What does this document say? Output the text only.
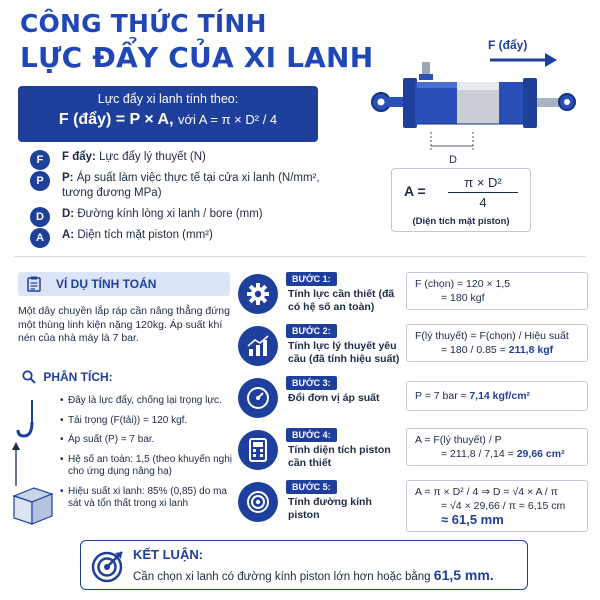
CÔNG THỨC TÍNH
LỰC ĐẨY CỦA XI LANH
Lực đẩy xi lanh tính theo:
F (đẩy) = P × A, với A = π × D² / 4
F	F đẩy: Lực đẩy lý thuyết (N)
P	P: Áp suất làm việc thực tế tại cửa xi lanh (N/mm², tương đương MPa)
D	D: Đường kính lòng xi lanh / bore (mm)
A	A: Diện tích mặt piston (mm²)
F (đẩy)
D
$A = \frac{\text{π × D²}}{4}$
(Diện tích mặt piston)
VÍ DỤ TÍNH TOÁN
Một dây chuyền lắp ráp cần nâng thẳng đứng một thùng linh kiện nặng 120kg. Áp suất khí nén của nhà máy là 7 bar.
PHÂN TÍCH:
• Đây là lực đẩy, chống lại trọng lực.
• Tải trọng (F(tải)) = 120 kgf.
• Áp suất (P) = 7 bar.
• Hệ số an toàn: 1,5 (theo khuyến nghị cho ứng dụng nâng hạ)
• Hiệu suất xi lanh: 85% (0,85) do ma sát và tổn thất trong xi lanh
BƯỚC 1:
Tính lực cần thiết (đã có hệ số an toàn)
F (chọn) = 120 × 1,5
= 180 kgf
BƯỚC 2:
Tính lực lý thuyết yêu cầu (đã tính hiệu suất)
F(lý thuyết) = F(chọn) / Hiệu suất
= 180 / 0.85 = 211,8 kgf
BƯỚC 3:
Đổi đơn vị áp suất	P = 7 bar ≈ 7,14 kgf/cm²
BƯỚC 4:
Tính diện tích piston cần thiết
A = F(lý thuyết) / P
= 211,8 / 7,14 = 29,66 cm²
BƯỚC 5:
Tính đường kính piston
A = π × D² / 4 ⇒ D = √4 × A / π
= √4 × 29,66 / π = 6,15 cm
≈ 61,5 mm
KẾT LUẬN:
Cần chọn xi lanh có đường kính piston lớn hơn hoặc bằng 61,5 mm.
